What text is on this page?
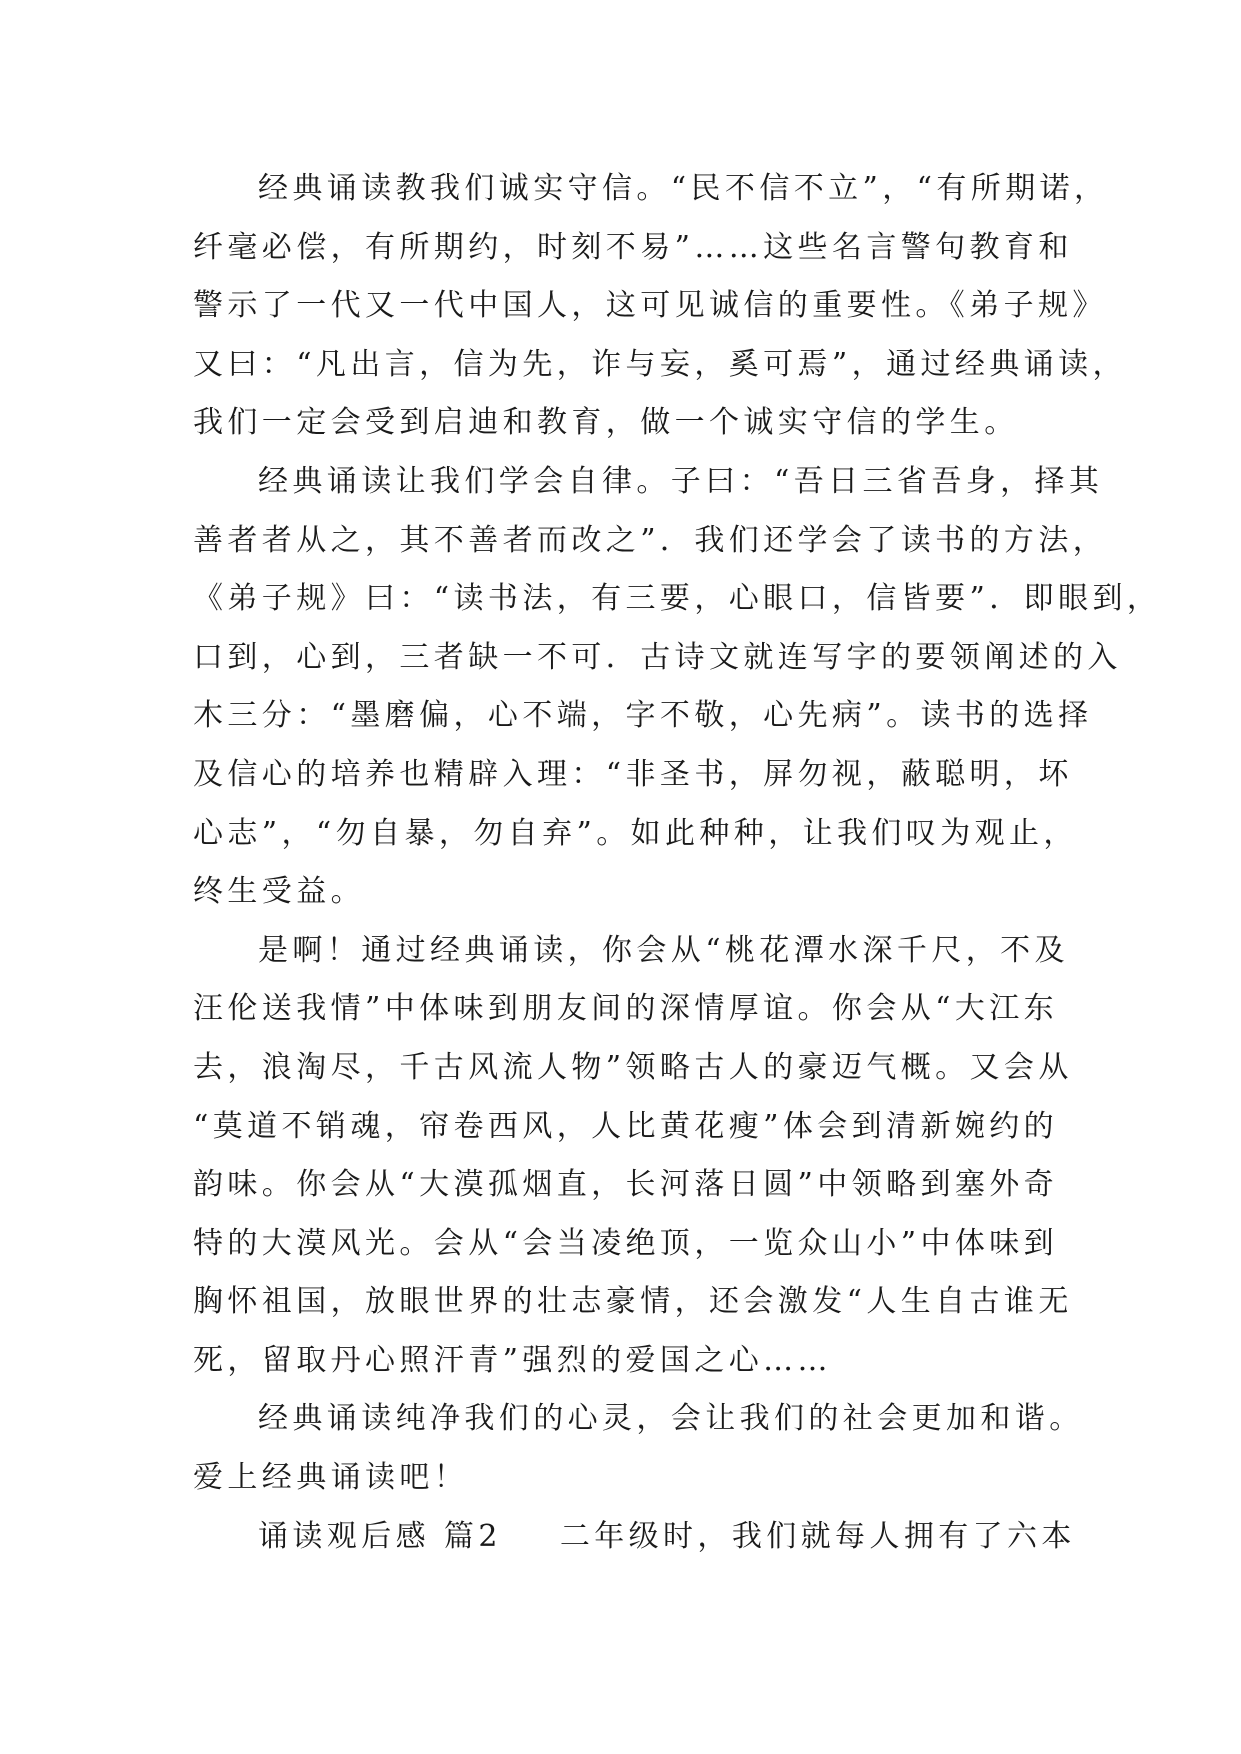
经典诵读教我们诚实守信。“民不信不立”，“有所期诺，
纤毫必偿，有所期约，时刻不易”……这些名言警句教育和
警示了一代又一代中国人，这可见诚信的重要性。《弟子规》
又曰：“凡出言，信为先，诈与妄，奚可焉”，通过经典诵读，
我们一定会受到启迪和教育，做一个诚实守信的学生。
经典诵读让我们学会自律。子曰：“吾日三省吾身，择其
善者者从之，其不善者而改之”．我们还学会了读书的方法，
《弟子规》曰：“读书法，有三要，心眼口，信皆要”．即眼到，
口到，心到，三者缺一不可．古诗文就连写字的要领阐述的入
木三分：“墨磨偏，心不端，字不敬，心先病”。读书的选择
及信心的培养也精辟入理：“非圣书，屏勿视，蔽聪明，坏
心志”，“勿自暴，勿自弃”。如此种种，让我们叹为观止，
终生受益。
是啊！通过经典诵读，你会从“桃花潭水深千尺，不及
汪伦送我情”中体味到朋友间的深情厚谊。你会从“大江东
去，浪淘尽，千古风流人物”领略古人的豪迈气概。又会从
“莫道不销魂，帘卷西风，人比黄花瘦”体会到清新婉约的
韵味。你会从“大漠孤烟直，长河落日圆”中领略到塞外奇
特的大漠风光。会从“会当凌绝顶，一览众山小”中体味到
胸怀祖国，放眼世界的壮志豪情，还会激发“人生自古谁无
死，留取丹心照汗青”强烈的爱国之心……
经典诵读纯净我们的心灵，会让我们的社会更加和谐。
爱上经典诵读吧！
诵读观后感 篇2 二年级时，我们就每人拥有了六本
